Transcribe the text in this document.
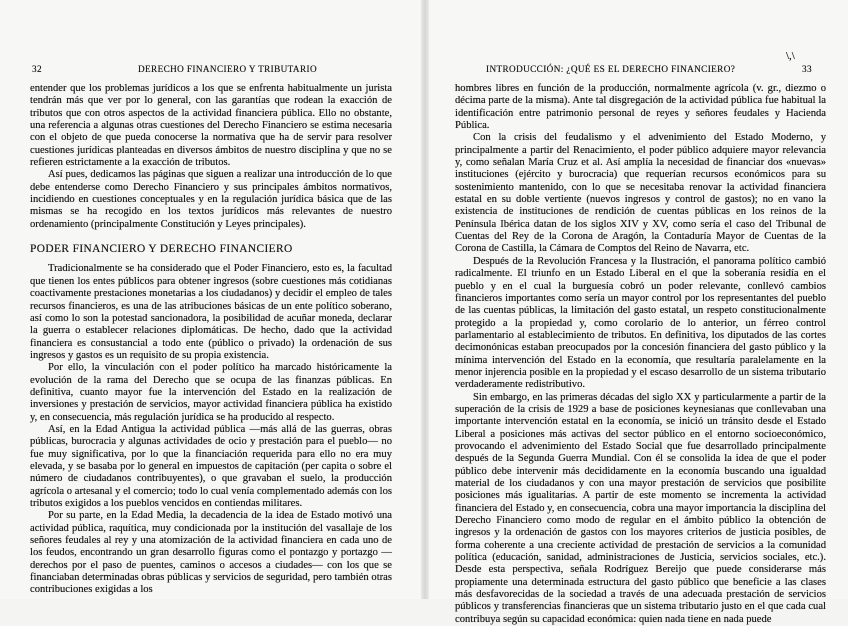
32	DERECHO FINANCIERO Y TRIBUTARIO

entender que los problemas jurídicos a los que se enfrenta habitualmente un jurista tendrán más que ver por lo general, con las garantías que rodean la exacción de tributos que con otros aspectos de la actividad financiera pública. Ello no obstante, una referencia a algunas otras cuestiones del Derecho Financiero se estima necesaria con el objeto de que pueda conocerse la normativa que ha de servir para resolver cuestiones jurídicas planteadas en diversos ámbitos de nuestro disciplina y que no se refieren estrictamente a la exacción de tributos.

Así pues, dedicamos las páginas que siguen a realizar una introducción de lo que debe entenderse como Derecho Financiero y sus principales ámbitos normativos, incidiendo en cuestiones conceptuales y en la regulación jurídica básica que de las mismas se ha recogido en los textos jurídicos más relevantes de nuestro ordenamiento (principalmente Constitución y Leyes principales).

PODER FINANCIERO Y DERECHO FINANCIERO

Tradicionalmente se ha considerado que el Poder Financiero, esto es, la facultad que tienen los entes públicos para obtener ingresos (sobre cuestiones más cotidianas coactivamente prestaciones monetarias a los ciudadanos) y decidir el empleo de tales recursos financieros, es una de las atribuciones básicas de un ente político soberano, así como lo son la potestad sancionadora, la posibilidad de acuñar moneda, declarar la guerra o establecer relaciones diplomáticas. De hecho, dado que la actividad financiera es consustancial a todo ente (público o privado) la ordenación de sus ingresos y gastos es un requisito de su propia existencia.

Por ello, la vinculación con el poder político ha marcado históricamente la evolución de la rama del Derecho que se ocupa de las finanzas públicas. En definitiva, cuanto mayor fue la intervención del Estado en la realización de inversiones y prestación de servicios, mayor actividad financiera pública ha existido y, en consecuencia, más regulación jurídica se ha producido al respecto.

Así, en la Edad Antigua la actividad pública —más allá de las guerras, obras públicas, burocracia y algunas actividades de ocio y prestación para el pueblo— no fue muy significativa, por lo que la financiación requerida para ello no era muy elevada, y se basaba por lo general en impuestos de capitación (per capita o sobre el número de ciudadanos contribuyentes), o que gravaban el suelo, la producción agrícola o artesanal y el comercio; todo lo cual venía complementado además con los tributos exigidos a los pueblos vencidos en contiendas militares.

Por su parte, en la Edad Media, la decadencia de la idea de Estado motivó una actividad pública, raquítica, muy condicionada por la institución del vasallaje de los señores feudales al rey y una atomización de la actividad financiera en cada uno de los feudos, encontrando un gran desarrollo figuras como el pontazgo y portazgo —derechos por el paso de puentes, caminos o accesos a ciudades— con los que se financiaban determinadas obras públicas y servicios de seguridad, pero también otras contribuciones exigidas a los

INTRODUCCIÓN: ¿QUÉ ES EL DERECHO FINANCIERO?	33
\,\

hombres libres en función de la producción, normalmente agrícola (v. gr., diezmo o décima parte de la misma). Ante tal disgregación de la actividad pública fue habitual la identificación entre patrimonio personal de reyes y señores feudales y Hacienda Pública.

Con la crisis del feudalismo y el advenimiento del Estado Moderno, y principalmente a partir del Renacimiento, el poder público adquiere mayor relevancia y, como señalan María Cruz et al. Así amplía la necesidad de financiar dos «nuevas» instituciones (ejército y burocracia) que requerían recursos económicos para su sostenimiento mantenido, con lo que se necesitaba renovar la actividad financiera estatal en su doble vertiente (nuevos ingresos y control de gastos); no en vano la existencia de instituciones de rendición de cuentas públicas en los reinos de la Península Ibérica datan de los siglos XIV y XV, como sería el caso del Tribunal de Cuentas del Rey de la Corona de Aragón, la Contaduría Mayor de Cuentas de la Corona de Castilla, la Cámara de Comptos del Reino de Navarra, etc.

Después de la Revolución Francesa y la Ilustración, el panorama político cambió radicalmente. El triunfo en un Estado Liberal en el que la soberanía residía en el pueblo y en el cual la burguesía cobró un poder relevante, conllevó cambios financieros importantes como sería un mayor control por los representantes del pueblo de las cuentas públicas, la limitación del gasto estatal, un respeto constitucionalmente protegido a la propiedad y, como corolario de lo anterior, un férreo control parlamentario al establecimiento de tributos. En definitiva, los diputados de las cortes decimonónicas estaban preocupados por la concesión financiera del gasto público y la mínima intervención del Estado en la economía, que resultaría paralelamente en la menor injerencia posible en la propiedad y el escaso desarrollo de un sistema tributario verdaderamente redistributivo.

Sin embargo, en las primeras décadas del siglo XX y particularmente a partir de la superación de la crisis de 1929 a base de posiciones keynesianas que conllevaban una importante intervención estatal en la economía, se inició un tránsito desde el Estado Liberal a posiciones más activas del sector público en el entorno socioeconómico, provocando el advenimiento del Estado Social que fue desarrollado principalmente después de la Segunda Guerra Mundial. Con él se consolida la idea de que el poder público debe intervenir más decididamente en la economía buscando una igualdad material de los ciudadanos y con una mayor prestación de servicios que posibilite posiciones más igualitarias. A partir de este momento se incrementa la actividad financiera del Estado y, en consecuencia, cobra una mayor importancia la disciplina del Derecho Financiero como modo de regular en el ámbito público la obtención de ingresos y la ordenación de gastos con los mayores criterios de justicia posibles, de forma coherente a una creciente actividad de prestación de servicios a la comunidad política (educación, sanidad, administraciones de Justicia, servicios sociales, etc.). Desde esta perspectiva, señala Rodríguez Bereijo que puede considerarse más propiamente una determinada estructura del gasto público que beneficie a las clases más desfavorecidas de la sociedad a través de una adecuada prestación de servicios públicos y transferencias financieras que un sistema tributario justo en el que cada cual contribuya según su capacidad económica: quien nada tiene en nada puede
